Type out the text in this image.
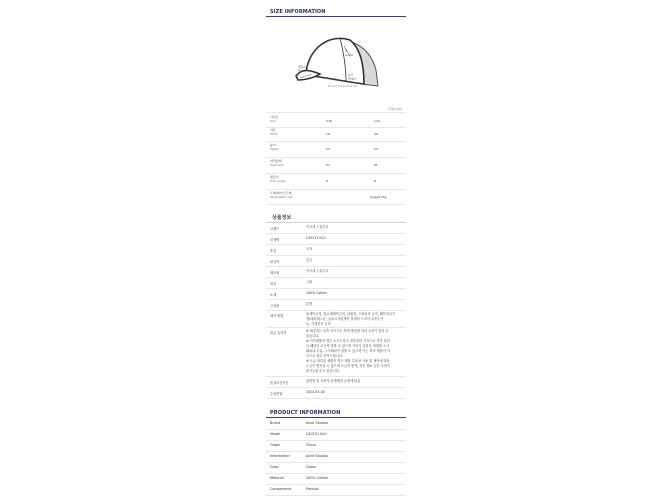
SIZE INFORMATION
폭
Length
챙길이
Brim
높이
Height
단위 (cm)
사이즈
Size	S-M	L-XL
가로
Width	19	20
높이
Height	13	14
머리둘레
Head Girth	57	61
챙길이
Brim Length	6	8
무게/케이스무게
Weight/With case	-	(kg)g/17kg
상품정보
브랜드	아크네 스튜디오

모델명	C40231 KLO

종류	모자

원산지	중국

제조원	아크네 스튜디오

색상	그린

소재	100% Cotton

구성품	본품

세탁 방법	물세탁금지, 염소계세탁금지, 다림질, 스팀처리 금지, 때뜨리클루

경(메리텍스)는 클로르크린세탁 불세탁 드라이크리닝 가

능, 기계건조 금지

취급 유의점	※ 제공되는 실측 사이즈는 측정 방법에 따라 오차가 있을 수

있습니다.

※ 이탁제품의 경우 소프트하고 내추럴한 가죽으로 가죽 컬러

나 패턴이 조금씩 다를 수 있으며 가죽의 특성상 미세한 스크

래치나 주름, 스크래치가 있을 수 있으며 이는 하자 제품이 아

니므로 참고 부탁드립니다.

※ 도급 처리된 제품의 경우 재봉 특성상 사용 및 세탁에 따라

도금이 벗겨질 수 있으며 도금의 변색, 자인 해소 등은 수선이

불가능할 수도 있습니다.

품질보증기준	관련법 및 소비자 분쟁해결 규정에 따름

수입연월	2024-03-18

PRODUCT INFORMATION
Brand	Acne Studios
Model	C40231 KLO
Origin	China
Information	Acne Studios
Color	Green
Material	100% Cotton
Components	Product
